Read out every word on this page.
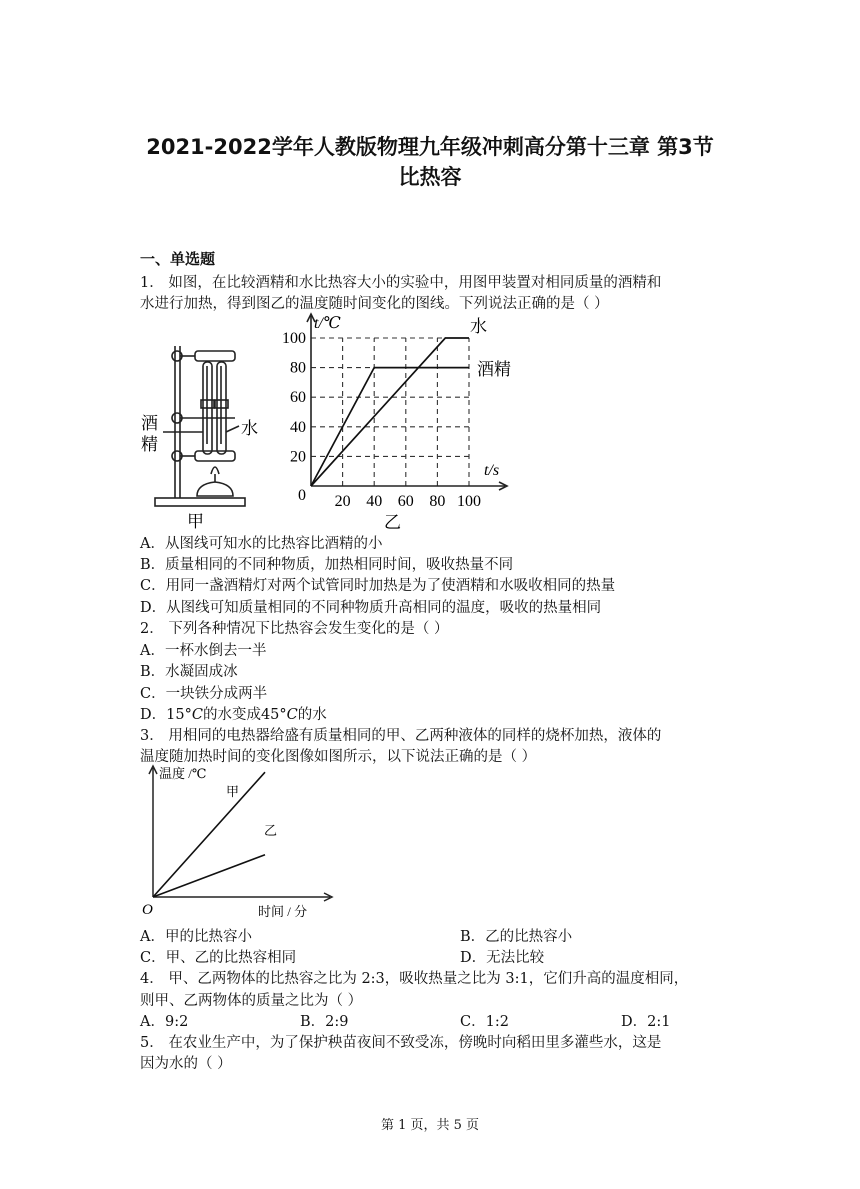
2021-2022学年人教版物理九年级冲刺高分第十三章 第3节
比热容
一、单选题
1． 如图，在比较酒精和水比热容大小的实验中，用图甲装置对相同质量的酒精和
水进行加热，得到图乙的温度随时间变化的图线。下列说法正确的是（ ）
酒
精
水
甲
20 40 60 80 100
20
40
60
80
100
t/℃
t/s
0
水
酒精
乙
A．从图线可知水的比热容比酒精的小
B．质量相同的不同种物质，加热相同时间，吸收热量不同
C．用同一盏酒精灯对两个试管同时加热是为了使酒精和水吸收相同的热量
D．从图线可知质量相同的不同种物质升高相同的温度，吸收的热量相同
2． 下列各种情况下比热容会发生变化的是（ ）
A．一杯水倒去一半
B．水凝固成冰
C．一块铁分成两半
D．15°C的水变成45°C的水
3． 用相同的电热器给盛有质量相同的甲、乙两种液体的同样的烧杯加热，液体的
温度随加热时间的变化图像如图所示，以下说法正确的是（ ）
温度 /℃
时间 / 分
O
甲
乙
A．甲的比热容小	B．乙的比热容小
C．甲、乙的比热容相同	D．无法比较
4． 甲、乙两物体的比热容之比为 2:3，吸收热量之比为 3:1，它们升高的温度相同，
则甲、乙两物体的质量之比为（ ）
A．9:2	B．2:9	C．1:2	D．2:1
5． 在农业生产中，为了保护秧苗夜间不致受冻，傍晚时向稻田里多灌些水，这是
因为水的（ ）
第 1 页，共 5 页
